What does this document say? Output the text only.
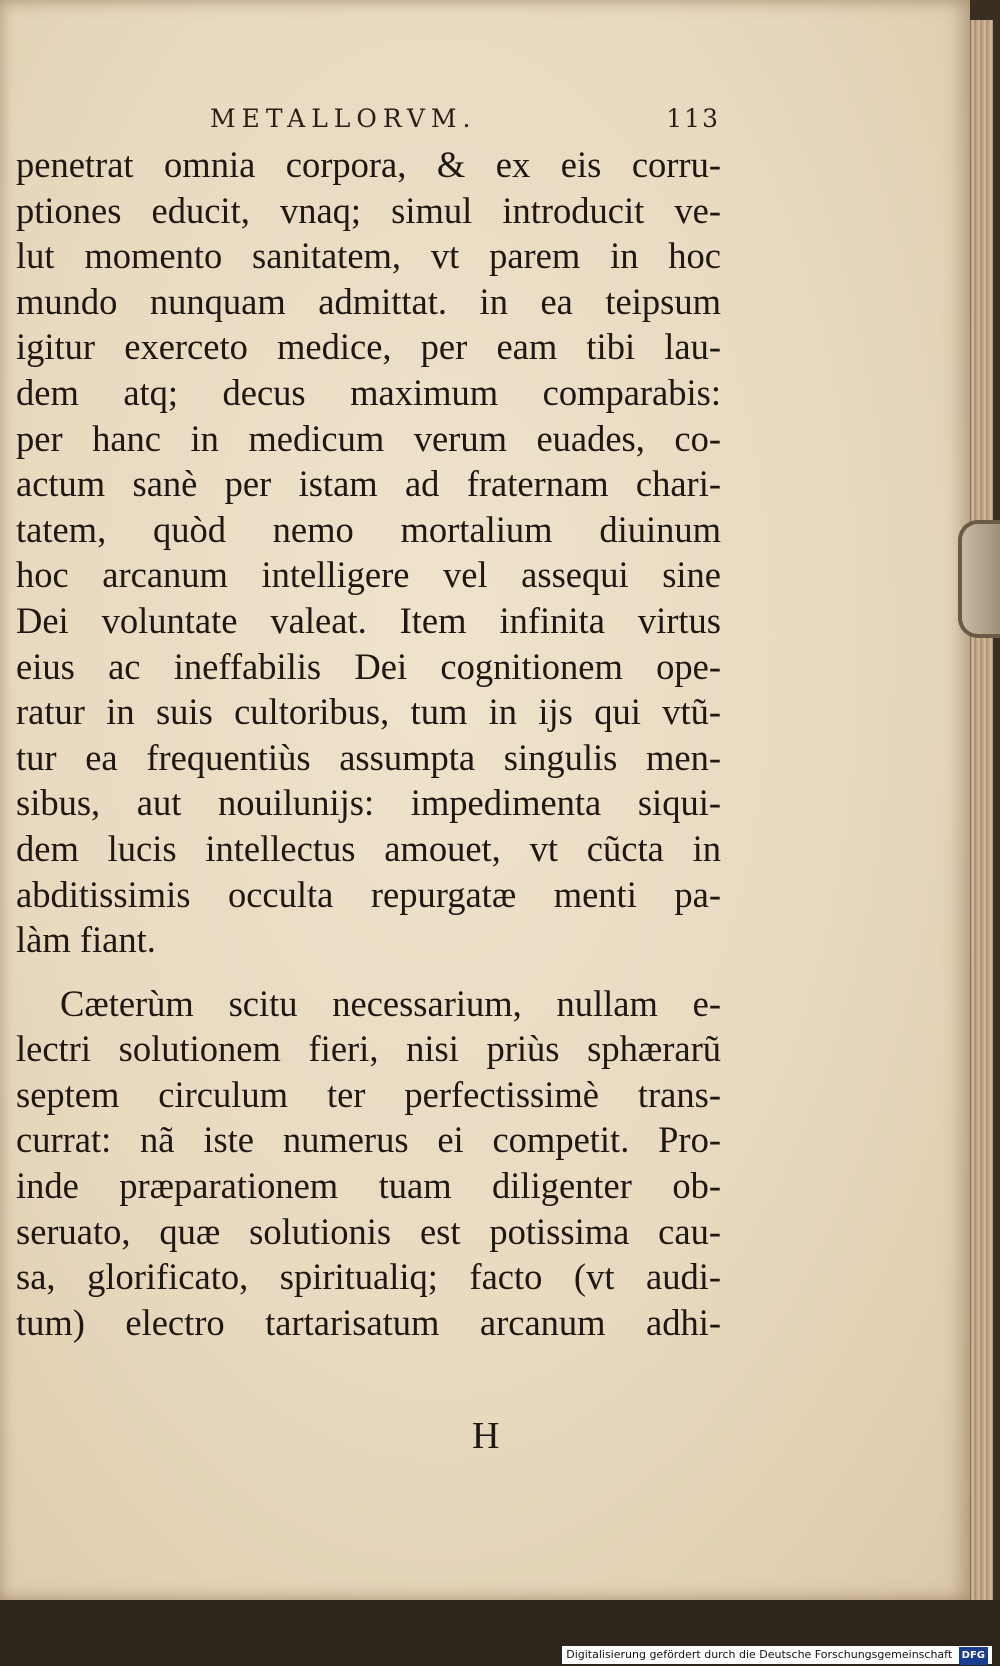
METALLORVM.	113
penetrat omnia corpora, & ex eis corru-
ptiones educit, vnaq; simul introducit ve-
lut momento sanitatem, vt parem in hoc
mundo nunquam admittat. in ea teipsum
igitur exerceto medice, per eam tibi lau-
dem atq; decus maximum comparabis:
per hanc in medicum verum euades, co-
actum sanè per istam ad fraternam chari-
tatem, quòd nemo mortalium diuinum
hoc arcanum intelligere vel assequi sine
Dei voluntate valeat. Item infinita virtus
eius ac ineffabilis Dei cognitionem ope-
ratur in suis cultoribus, tum in ijs qui vtũ-
tur ea frequentiùs assumpta singulis men-
sibus, aut nouilunijs: impedimenta siqui-
dem lucis intellectus amouet, vt cũcta in
abditissimis occulta repurgatæ menti pa-
làm fiant.
Cæterùm scitu necessarium, nullam e-
lectri solutionem fieri, nisi priùs sphærarũ
septem circulum ter perfectissimè trans-
currat: nã iste numerus ei competit. Pro-
inde præparationem tuam diligenter ob-
seruato, quæ solutionis est potissima cau-
sa, glorificato, spiritualiq; facto (vt audi-
tum) electro tartarisatum arcanum adhi-
H
Digitalisierung gefördert durch die Deutsche Forschungsgemeinschaft DFG
